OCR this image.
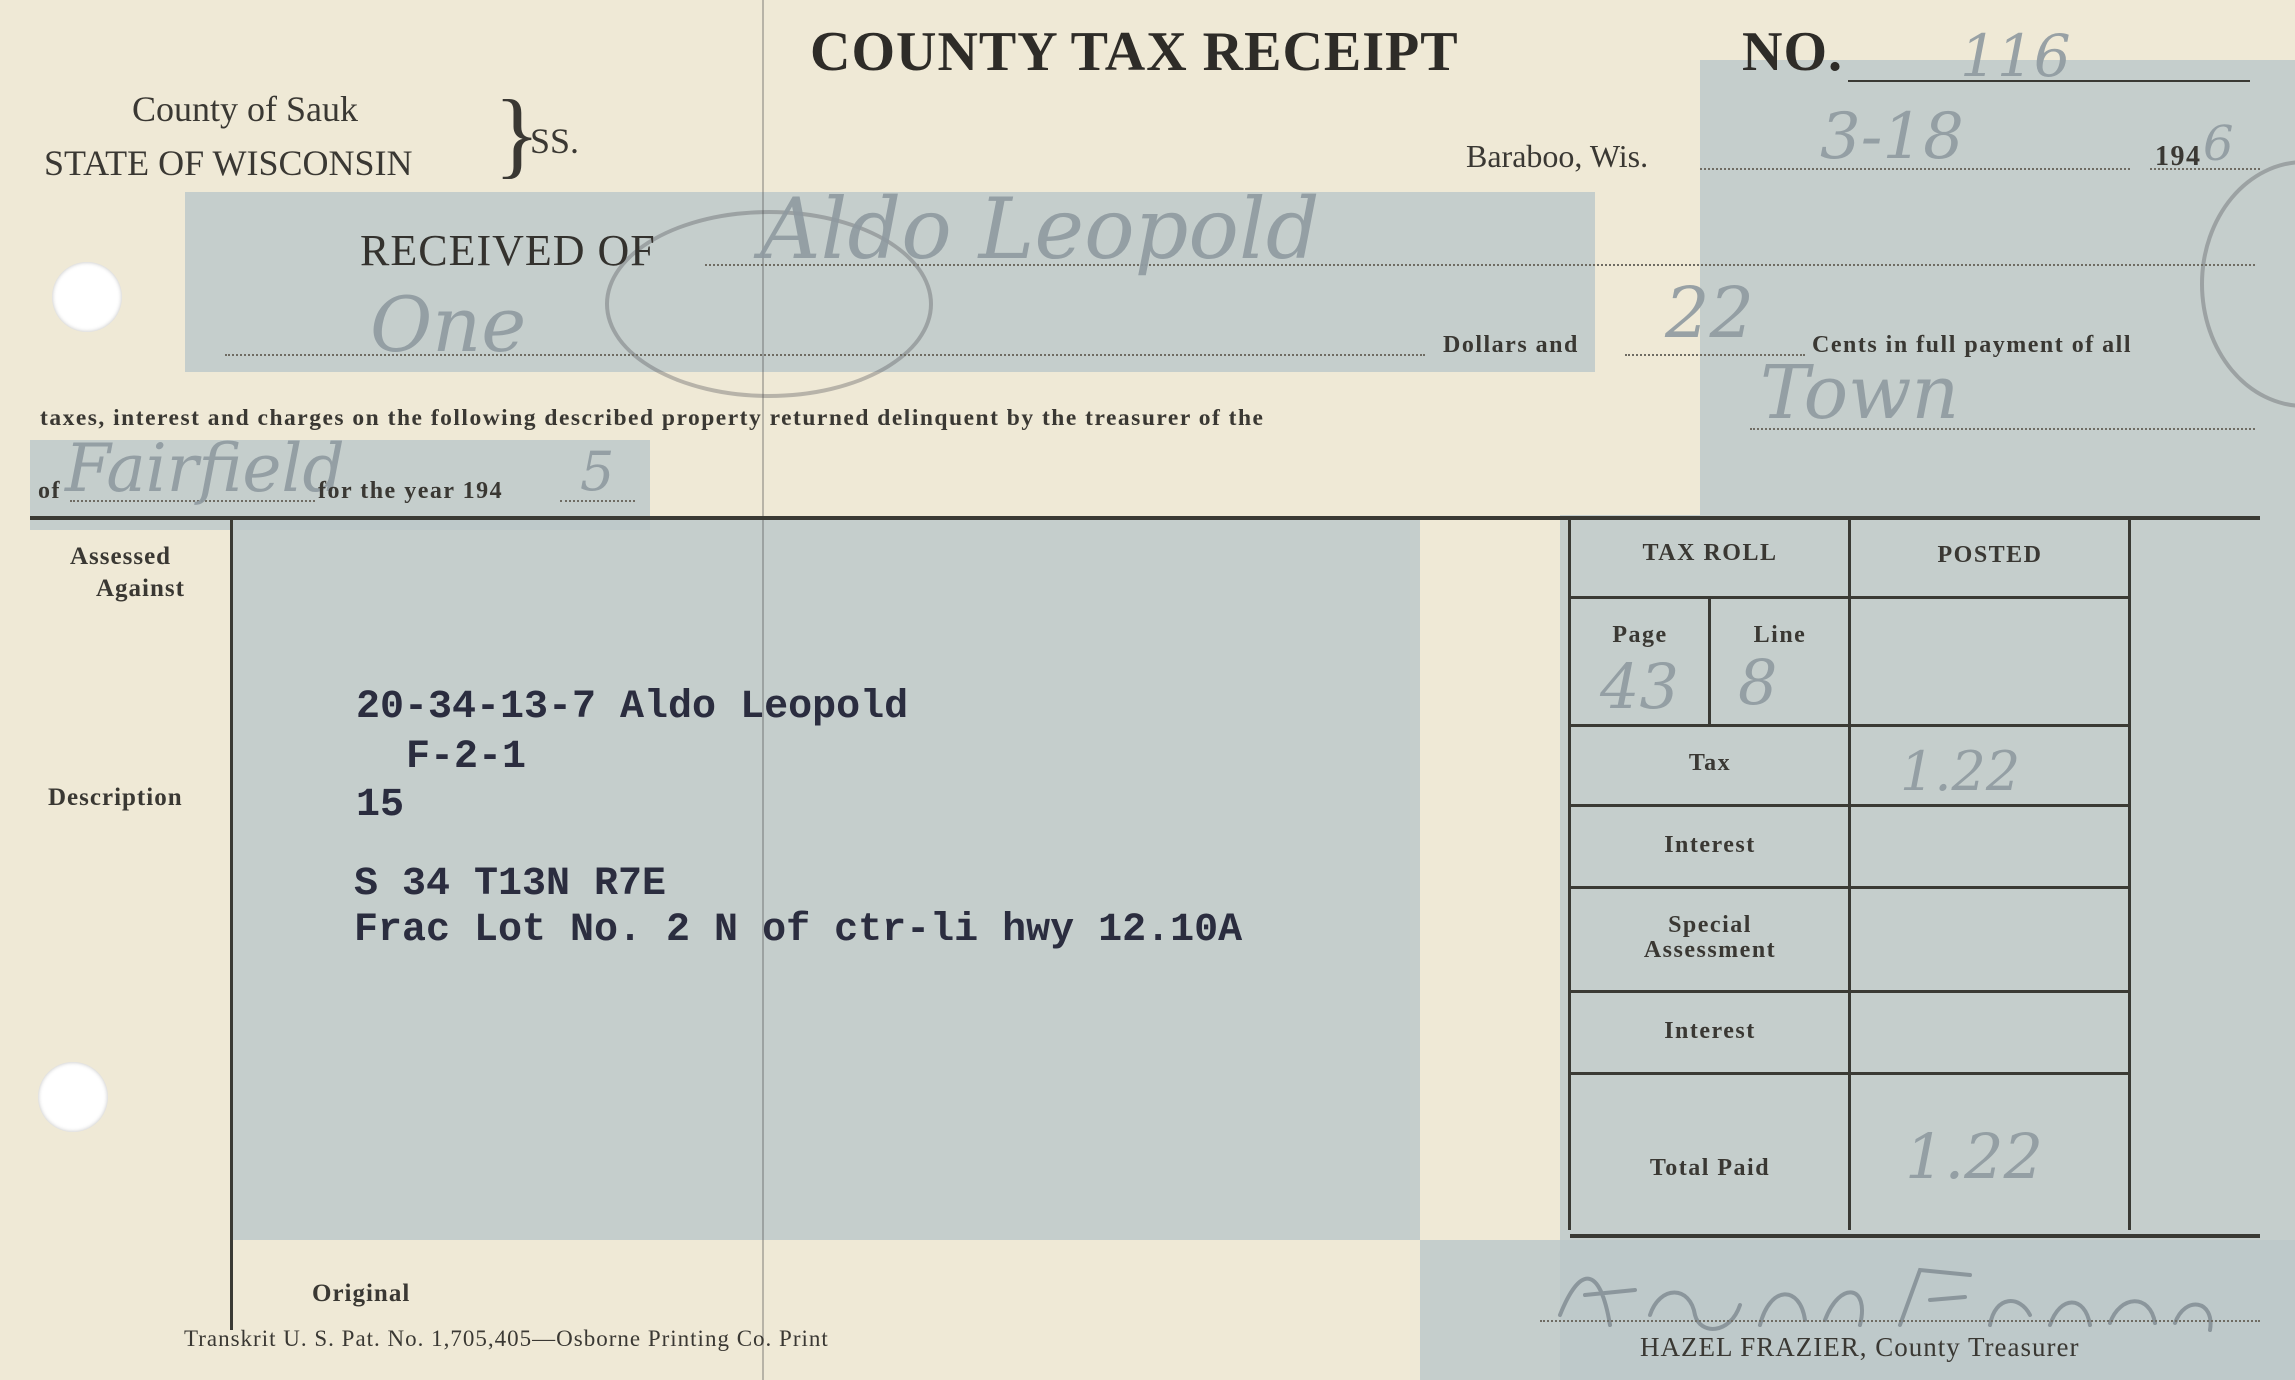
COUNTY TAX RECEIPT	NO. 116
County of Sauk
STATE OF WISCONSIN }
SS.	Baraboo, Wis.	3-18	194 6
RECEIVED OF Aldo Leopold
One	Dollars and 22 Cents in full payment of all
taxes, interest and charges on the following described property returned delinquent by the treasurer of the	Town
of Fairfield
for the year 194 5
Assessed
Against
Description
Original
20-34-13-7 Aldo Leopold
F-2-1
15
S 34 T13N R7E
Frac Lot No. 2 N of ctr-li hwy 12.10A
TAX ROLL	POSTED
Page	Line
43 8
Tax	1.22
Interest
Special
Assessment
Interest
Total Paid	1.22
Transkrit U. S. Pat. No. 1,705,405—Osborne Printing Co. Print	HAZEL FRAZIER, County Treasurer
